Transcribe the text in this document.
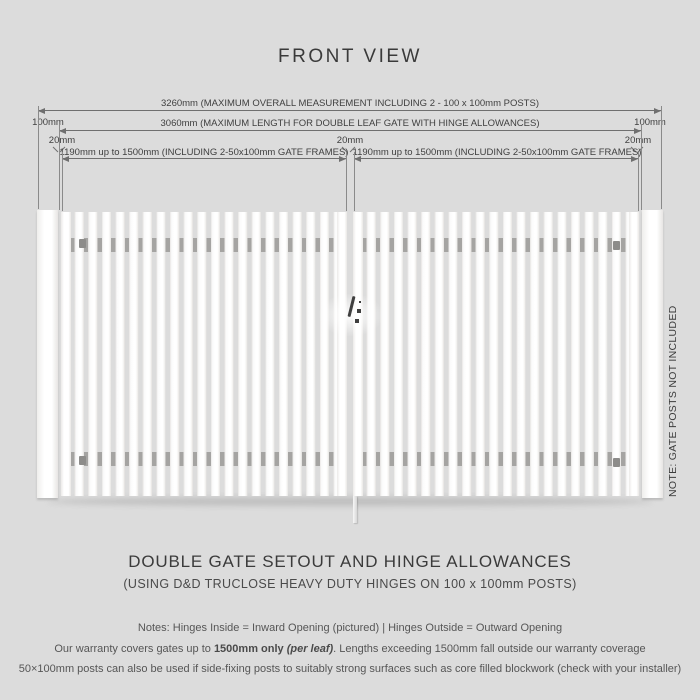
FRONT VIEW
3260mm (MAXIMUM OVERALL MEASUREMENT INCLUDING 2 - 100 x 100mm POSTS)
3060mm (MAXIMUM LENGTH FOR DOUBLE LEAF GATE WITH HINGE ALLOWANCES)
100mm	100mm
20mm	20mm	20mm
1190mm up to 1500mm (INCLUDING 2-50x100mm GATE FRAMES) 1190mm up to 1500mm (INCLUDING 2-50x100mm GATE FRAMES)
NOTE: GATE POSTS NOT INCLUDED
DOUBLE GATE SETOUT AND HINGE ALLOWANCES
(USING D&D TRUCLOSE HEAVY DUTY HINGES ON 100 x 100mm POSTS)
Notes: Hinges Inside = Inward Opening (pictured) | Hinges Outside = Outward Opening
Our warranty covers gates up to 1500mm only (per leaf). Lengths exceeding 1500mm fall outside our warranty coverage
50×100mm posts can also be used if side-fixing posts to suitably strong surfaces such as core filled blockwork (check with your installer)
